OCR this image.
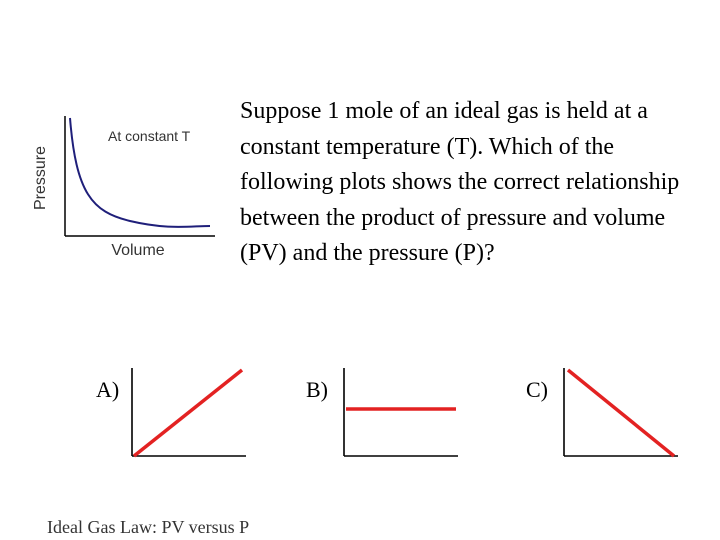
Pressure
Volume
At constant T
Suppose 1 mole of an ideal gas is held at a constant temperature (T). Which of the following plots shows the correct relationship between the product of pressure and volume (PV) and the pressure (P)?
A)	B)	C)
Ideal Gas Law: PV versus P
